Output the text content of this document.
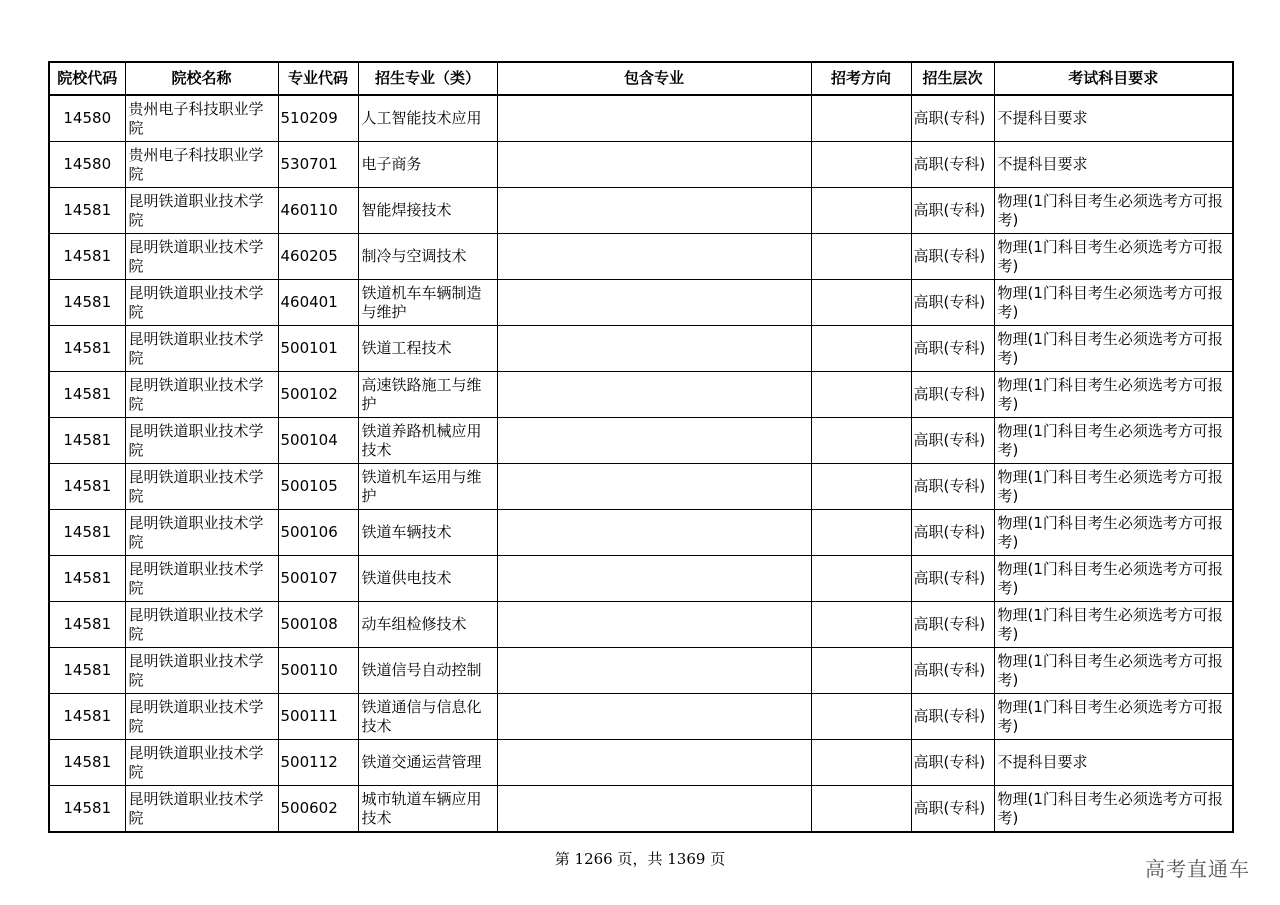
院校代码	院校名称	专业代码	招生专业（类）	包含专业	招考方向	招生层次	考试科目要求
14580	贵州电子科技职业学院	510209	人工智能技术应用			高职(专科)	不提科目要求
14580	贵州电子科技职业学院	530701	电子商务			高职(专科)	不提科目要求
14581	昆明铁道职业技术学院	460110	智能焊接技术			高职(专科)	物理(1门科目考生必须选考方可报考)
14581	昆明铁道职业技术学院	460205	制冷与空调技术			高职(专科)	物理(1门科目考生必须选考方可报考)
14581	昆明铁道职业技术学院	460401	铁道机车车辆制造与维护			高职(专科)	物理(1门科目考生必须选考方可报考)
14581	昆明铁道职业技术学院	500101	铁道工程技术			高职(专科)	物理(1门科目考生必须选考方可报考)
14581	昆明铁道职业技术学院	500102	高速铁路施工与维护			高职(专科)	物理(1门科目考生必须选考方可报考)
14581	昆明铁道职业技术学院	500104	铁道养路机械应用技术			高职(专科)	物理(1门科目考生必须选考方可报考)
14581	昆明铁道职业技术学院	500105	铁道机车运用与维护			高职(专科)	物理(1门科目考生必须选考方可报考)
14581	昆明铁道职业技术学院	500106	铁道车辆技术			高职(专科)	物理(1门科目考生必须选考方可报考)
14581	昆明铁道职业技术学院	500107	铁道供电技术			高职(专科)	物理(1门科目考生必须选考方可报考)
14581	昆明铁道职业技术学院	500108	动车组检修技术			高职(专科)	物理(1门科目考生必须选考方可报考)
14581	昆明铁道职业技术学院	500110	铁道信号自动控制			高职(专科)	物理(1门科目考生必须选考方可报考)
14581	昆明铁道职业技术学院	500111	铁道通信与信息化技术			高职(专科)	物理(1门科目考生必须选考方可报考)
14581	昆明铁道职业技术学院	500112	铁道交通运营管理			高职(专科)	不提科目要求
14581	昆明铁道职业技术学院	500602	城市轨道车辆应用技术			高职(专科)	物理(1门科目考生必须选考方可报考)
第 1266 页，共 1369 页	高考直通车
